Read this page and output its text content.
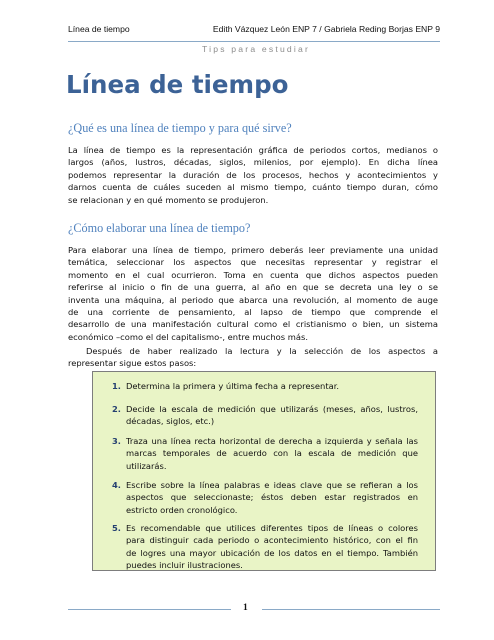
Línea de tiempo	Edith Vázquez León ENP 7 / Gabriela Reding Borjas ENP 9
Tips para estudiar
Línea de tiempo
¿Qué es una línea de tiempo y para qué sirve?
La línea de tiempo es la representación gráfica de periodos cortos, medianos o
largos (años, lustros, décadas, siglos, milenios, por ejemplo). En dicha línea
podemos representar la duración de los procesos, hechos y acontecimientos y
darnos cuenta de cuáles suceden al mismo tiempo, cuánto tiempo duran, cómo
se relacionan y en qué momento se produjeron.
¿Cómo elaborar una línea de tiempo?
Para elaborar una línea de tiempo, primero deberás leer previamente una unidad
temática, seleccionar los aspectos que necesitas representar y registrar el
momento en el cual ocurrieron. Toma en cuenta que dichos aspectos pueden
referirse al inicio o fin de una guerra, al año en que se decreta una ley o se
inventa una máquina, al periodo que abarca una revolución, al momento de auge
de una corriente de pensamiento, al lapso de tiempo que comprende el
desarrollo de una manifestación cultural como el cristianismo o bien, un sistema
económico –como el del capitalismo-, entre muchos más.
Después de haber realizado la lectura y la selección de los aspectos a
representar sigue estos pasos:
1. Determina la primera y última fecha a representar.
2. Decide la escala de medición que utilizarás (meses, años, lustros,
décadas, siglos, etc.)
3. Traza una línea recta horizontal de derecha a izquierda y señala las
marcas temporales de acuerdo con la escala de medición que
utilizarás.
4. Escribe sobre la línea palabras e ideas clave que se refieran a los
aspectos que seleccionaste; éstos deben estar registrados en
estricto orden cronológico.
5. Es recomendable que utilices diferentes tipos de líneas o colores
para distinguir cada periodo o acontecimiento histórico, con el fin
de logres una mayor ubicación de los datos en el tiempo. También
puedes incluir ilustraciones.
1
